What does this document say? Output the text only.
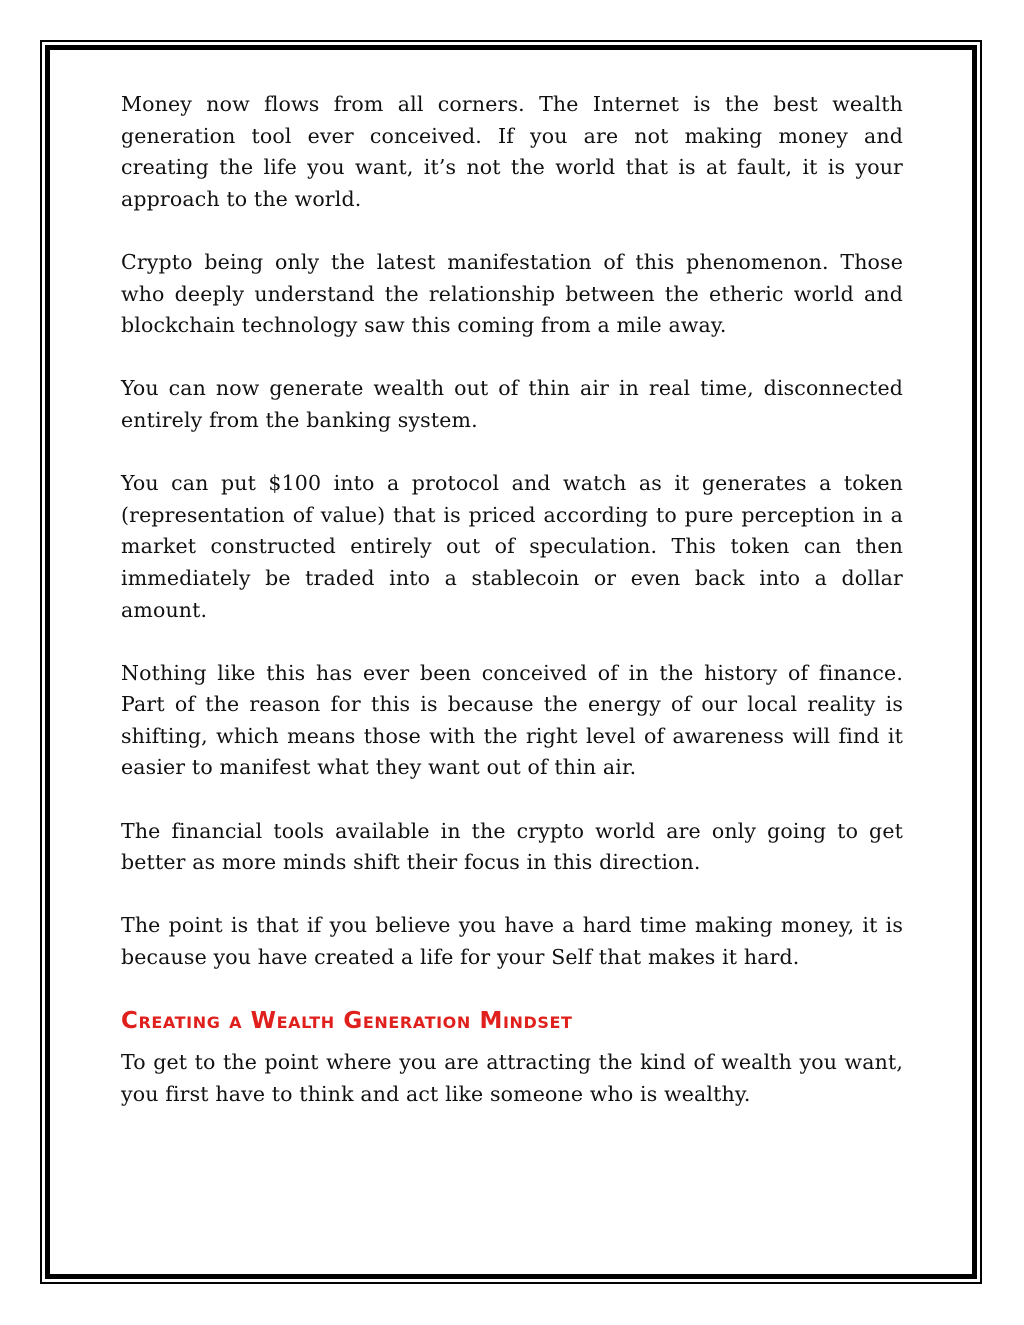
Money now flows from all corners. The Internet is the best wealth generation tool ever conceived. If you are not making money and creating the life you want, it’s not the world that is at fault, it is your approach to the world.

Crypto being only the latest manifestation of this phenomenon. Those who deeply understand the relationship between the etheric world and blockchain technology saw this coming from a mile away.

You can now generate wealth out of thin air in real time, disconnected entirely from the banking system.

You can put $100 into a protocol and watch as it generates a token (representation of value) that is priced according to pure perception in a market constructed entirely out of speculation. This token can then immediately be traded into a stablecoin or even back into a dollar amount.

Nothing like this has ever been conceived of in the history of finance. Part of the reason for this is because the energy of our local reality is shifting, which means those with the right level of awareness will find it easier to manifest what they want out of thin air.

The financial tools available in the crypto world are only going to get better as more minds shift their focus in this direction.

The point is that if you believe you have a hard time making money, it is because you have created a life for your Self that makes it hard.

Creating a Wealth Generation Mindset

To get to the point where you are attracting the kind of wealth you want, you first have to think and act like someone who is wealthy.
